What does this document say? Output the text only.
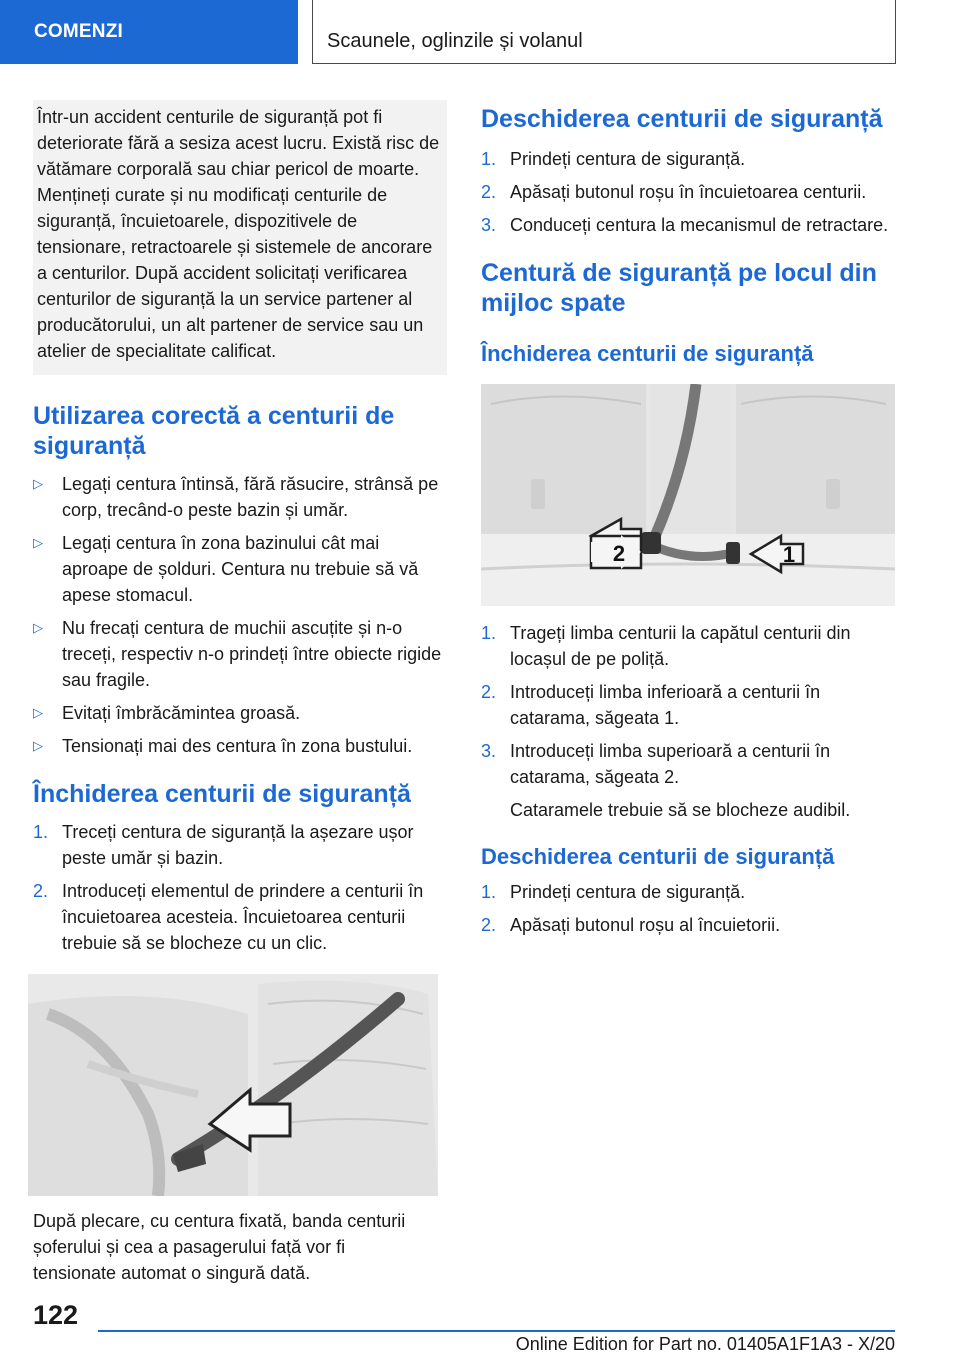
COMENZI	Scaunele, oglinzile și volanul
Într-un accident centurile de siguranță pot fi deteriorate fără a sesiza acest lucru. Există risc de vătămare corporală sau chiar pericol de moarte. Mențineți curate și nu modificați centurile de siguranță, încuietoarele, dispozitivele de tensionare, retractoarele și sistemele de ancorare a centurilor. După accident solicitați verificarea centurilor de siguranță la un service partener al producătorului, un alt partener de service sau un atelier de specialitate calificat.
Utilizarea corectă a centurii de siguranță
▷ Legați centura întinsă, fără răsucire, strânsă pe corp, trecând-o peste bazin și umăr.
▷ Legați centura în zona bazinului cât mai aproape de șolduri. Centura nu trebuie să vă apese stomacul.
▷ Nu frecați centura de muchii ascuțite și n-o treceți, respectiv n-o prindeți între obiecte rigide sau fragile.
▷ Evitați îmbrăcămintea groasă.
▷ Tensionați mai des centura în zona bustului.
Închiderea centurii de siguranță
1. Treceți centura de siguranță la așezare ușor peste umăr și bazin.
2. Introduceți elementul de prindere a centurii în încuietoarea acesteia. Încuietoarea centurii trebuie să se blocheze cu un clic.
După plecare, cu centura fixată, banda centurii șoferului și cea a pasagerului față vor fi tensionate automat o singură dată.
Deschiderea centurii de siguranță
1. Prindeți centura de siguranță.
2. Apăsați butonul roșu în încuietoarea centurii.
3. Conduceți centura la mecanismul de retractare.
Centură de siguranță pe locul din mijloc spate
Închiderea centurii de siguranță
2	1
1. Trageți limba centurii la capătul centurii din locașul de pe poliță.
2. Introduceți limba inferioară a centurii în catarama, săgeata 1.
3. Introduceți limba superioară a centurii în catarama, săgeata 2.
Cataramele trebuie să se blocheze audibil.
Deschiderea centurii de siguranță
1. Prindeți centura de siguranță.
2. Apăsați butonul roșu al încuietorii.
122
Online Edition for Part no. 01405A1F1A3 - X/20
